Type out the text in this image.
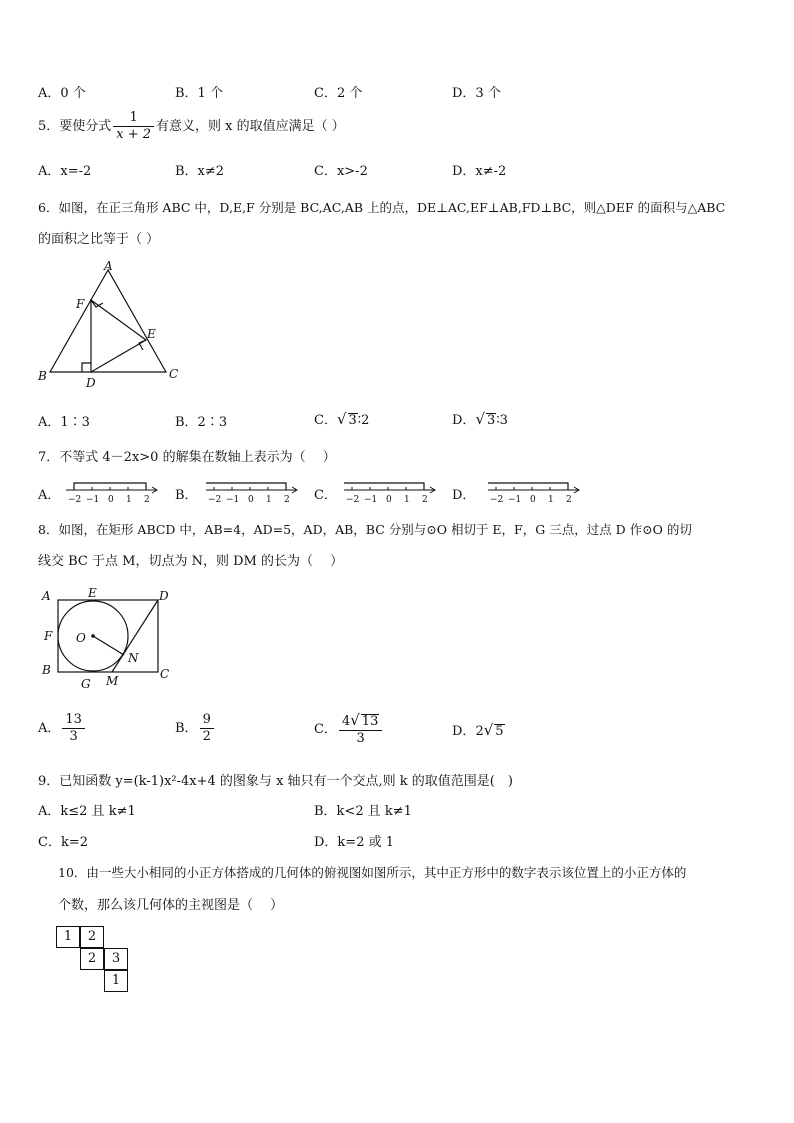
A．0 个	B．1 个	C．2 个	D．3 个
5．要使分式 $\frac{1}{x + 2}$ 有意义，则 x 的取值应满足（ ）
A．x=-2	B．x≠2	C．x>-2	D．x≠-2
6．如图，在正三角形 ABC 中，D,E,F 分别是 BC,AC,AB 上的点，DE⊥AC,EF⊥AB,FD⊥BC，则△DEF 的面积与△ABC
的面积之比等于（ ）
A
B	C
D
E
F
A．1∶3	B．2∶3	C．√ 3∶2	D．√ 3∶3
7．不等式 4－2x>0 的解集在数轴上表示为（　 ）
A．	B．	C．	D．
−2 −1 0 1 2	−2 −1 0 1 2	−2 −1 0 1 2	−2 −1 0 1 2
8．如图，在矩形 ABCD 中，AB=4，AD=5，AD，AB，BC 分别与⊙O 相切于 E，F，G 三点，过点 D 作⊙O 的切
线交 BC 于点 M，切点为 N，则 DM 的长为（　 ）
A	E	D
F O
N
B	C
G M
A． $\frac{13}{3}$	B． $\frac{9}{2}$	C． $\frac{4√ 13}{3}$	D．2√ 5
9．已知函数 y=(k-1)x²-4x+4 的图象与 x 轴只有一个交点,则 k 的取值范围是(　)
A．k≤2 且 k≠1	B．k<2 且 k≠1
C．k=2	D．k=2 或 1
10．由一些大小相同的小正方体搭成的几何体的俯视图如图所示，其中正方形中的数字表示该位置上的小正方体的
个数，那么该几何体的主视图是（　 ）
1	2
2	3
1
